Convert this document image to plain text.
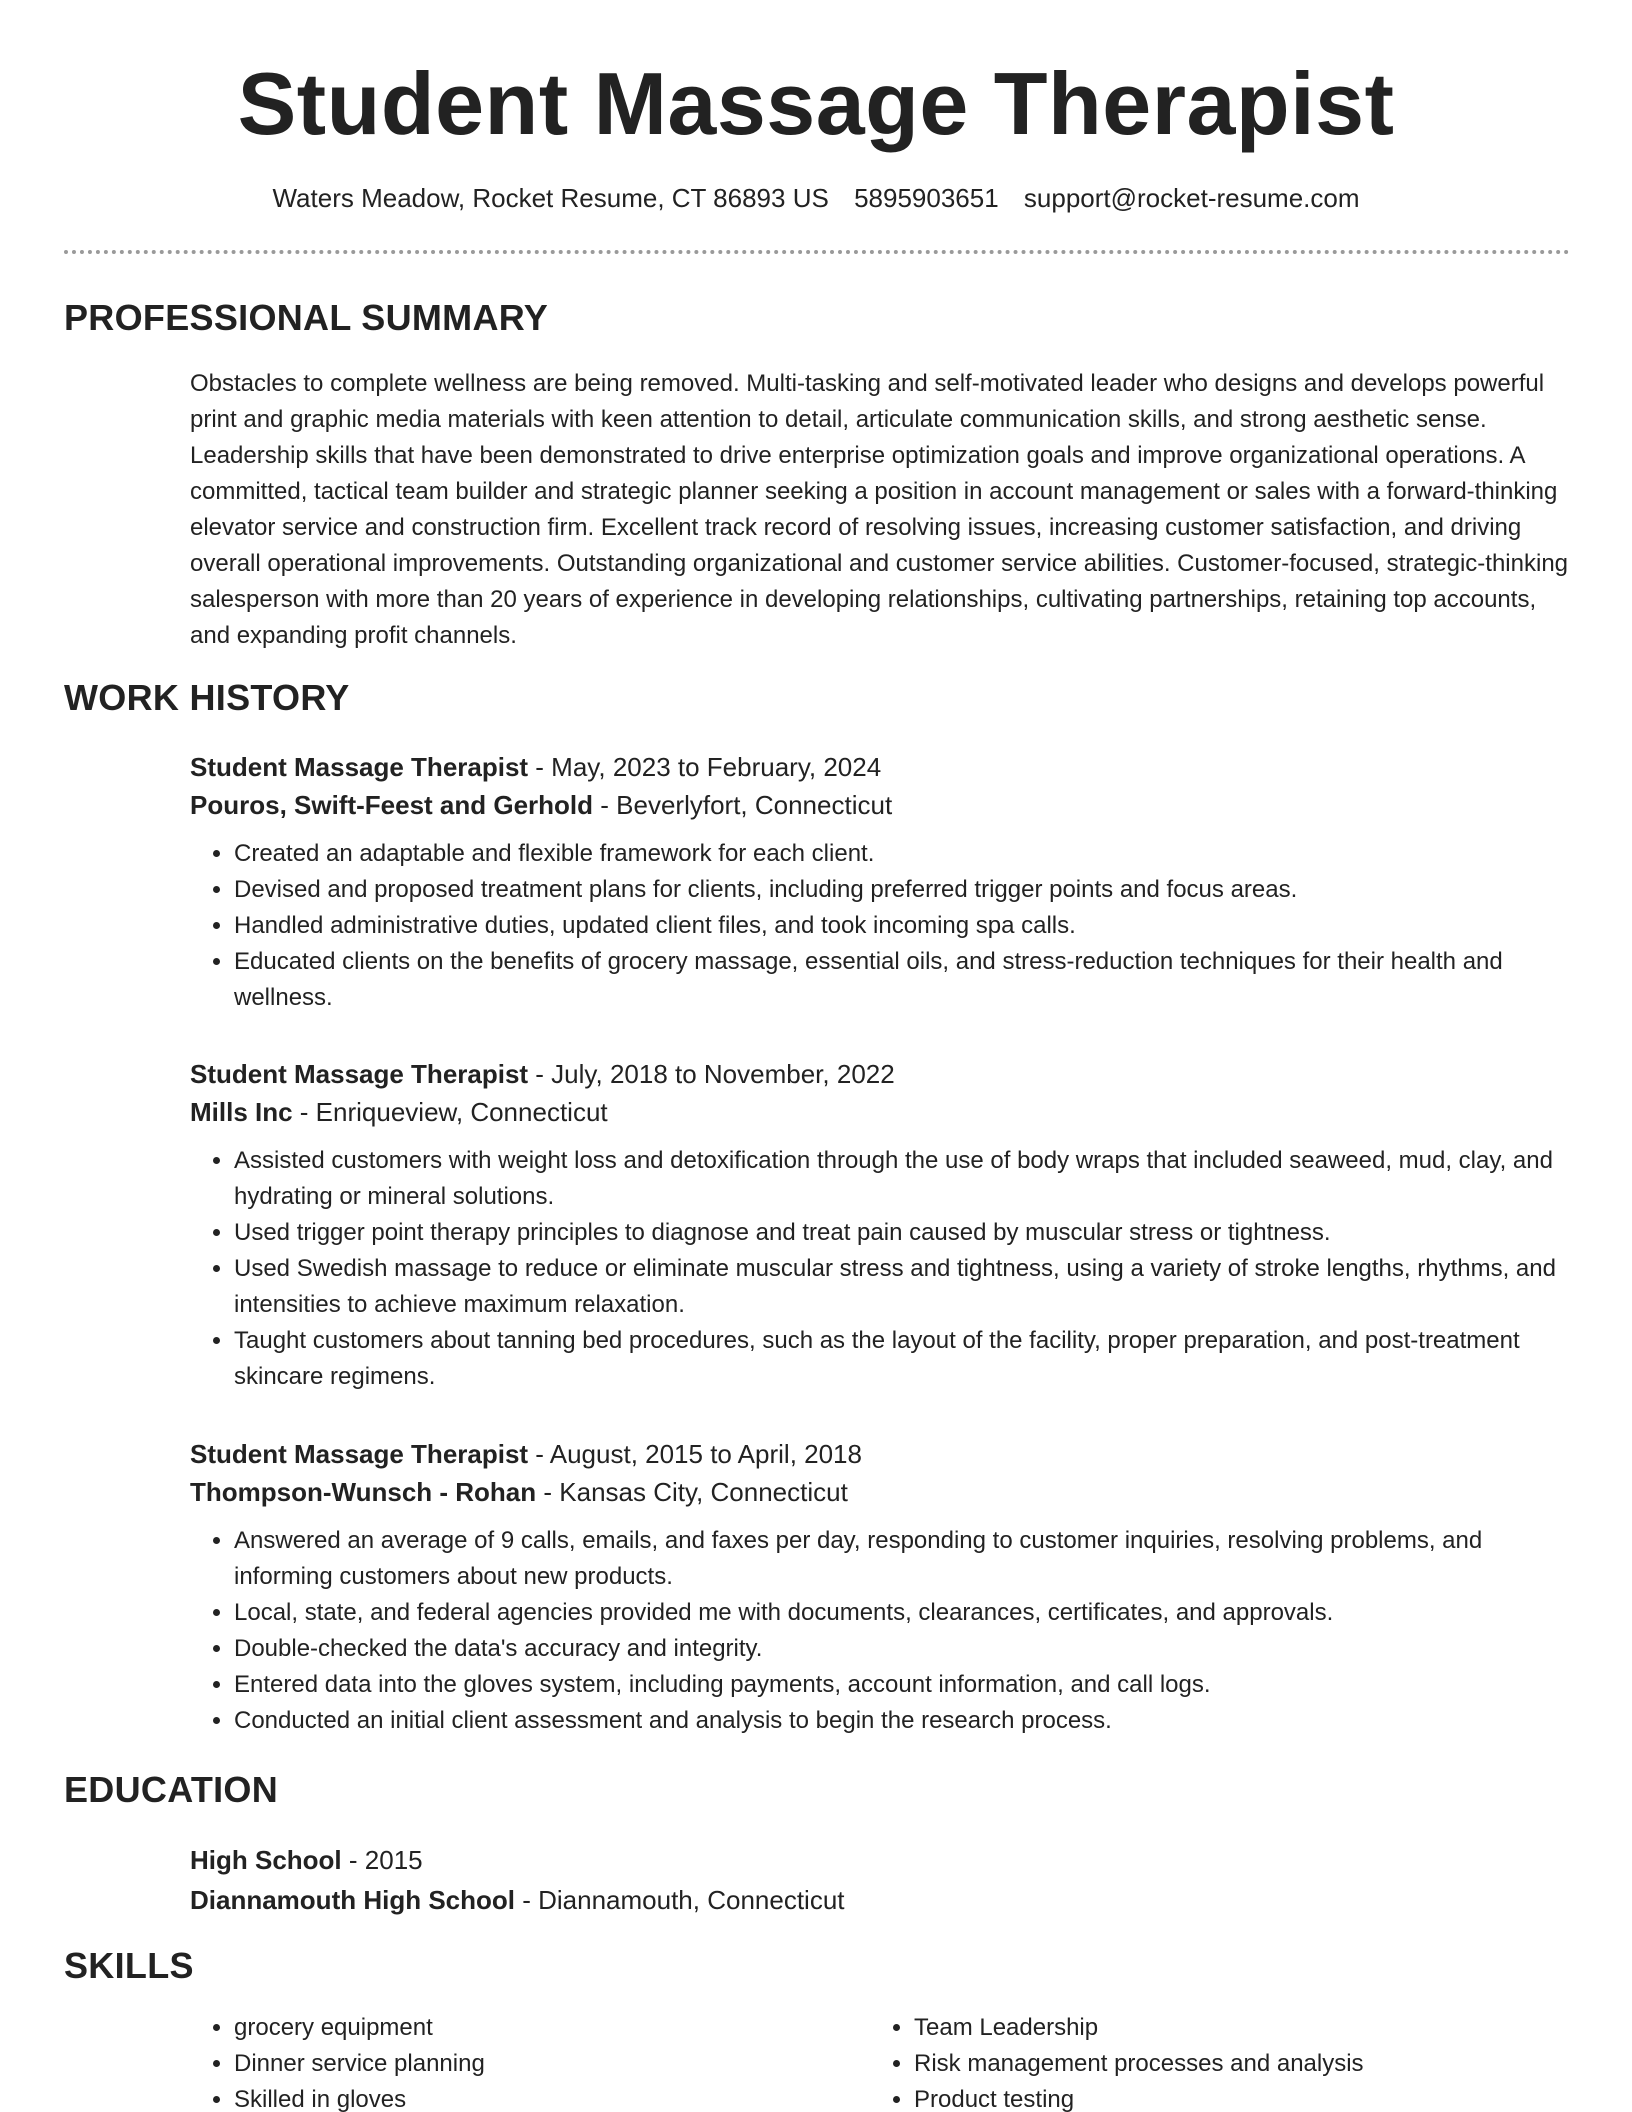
Student Massage Therapist
Waters Meadow, Rocket Resume, CT 86893 US 5895903651 support@rocket-resume.com
PROFESSIONAL SUMMARY

Obstacles to complete wellness are being removed. Multi-tasking and self-motivated leader who designs and develops powerful print and graphic media materials with keen attention to detail, articulate communication skills, and strong aesthetic sense. Leadership skills that have been demonstrated to drive enterprise optimization goals and improve organizational operations. A committed, tactical team builder and strategic planner seeking a position in account management or sales with a forward-thinking elevator service and construction firm. Excellent track record of resolving issues, increasing customer satisfaction, and driving overall operational improvements. Outstanding organizational and customer service abilities. Customer-focused, strategic-thinking salesperson with more than 20 years of experience in developing relationships, cultivating partnerships, retaining top accounts, and expanding profit channels.

WORK HISTORY
Student Massage Therapist - May, 2023 to February, 2024
Pouros, Swift-Feest and Gerhold - Beverlyfort, Connecticut
• Created an adaptable and flexible framework for each client.
• Devised and proposed treatment plans for clients, including preferred trigger points and focus areas.
• Handled administrative duties, updated client files, and took incoming spa calls.
• Educated clients on the benefits of grocery massage, essential oils, and stress-reduction techniques for their health and wellness.
Student Massage Therapist - July, 2018 to November, 2022
Mills Inc - Enriqueview, Connecticut
• Assisted customers with weight loss and detoxification through the use of body wraps that included seaweed, mud, clay, and hydrating or mineral solutions.
• Used trigger point therapy principles to diagnose and treat pain caused by muscular stress or tightness.
• Used Swedish massage to reduce or eliminate muscular stress and tightness, using a variety of stroke lengths, rhythms, and intensities to achieve maximum relaxation.
• Taught customers about tanning bed procedures, such as the layout of the facility, proper preparation, and post-treatment skincare regimens.
Student Massage Therapist - August, 2015 to April, 2018
Thompson-Wunsch - Rohan - Kansas City, Connecticut
• Answered an average of 9 calls, emails, and faxes per day, responding to customer inquiries, resolving problems, and informing customers about new products.
• Local, state, and federal agencies provided me with documents, clearances, certificates, and approvals.
• Double-checked the data's accuracy and integrity.
• Entered data into the gloves system, including payments, account information, and call logs.
• Conducted an initial client assessment and analysis to begin the research process.
EDUCATION
High School - 2015
Diannamouth High School - Diannamouth, Connecticut
SKILLS
• grocery equipment
• Dinner service planning
• Skilled in gloves
• Team Leadership
• Risk management processes and analysis
• Product testing
